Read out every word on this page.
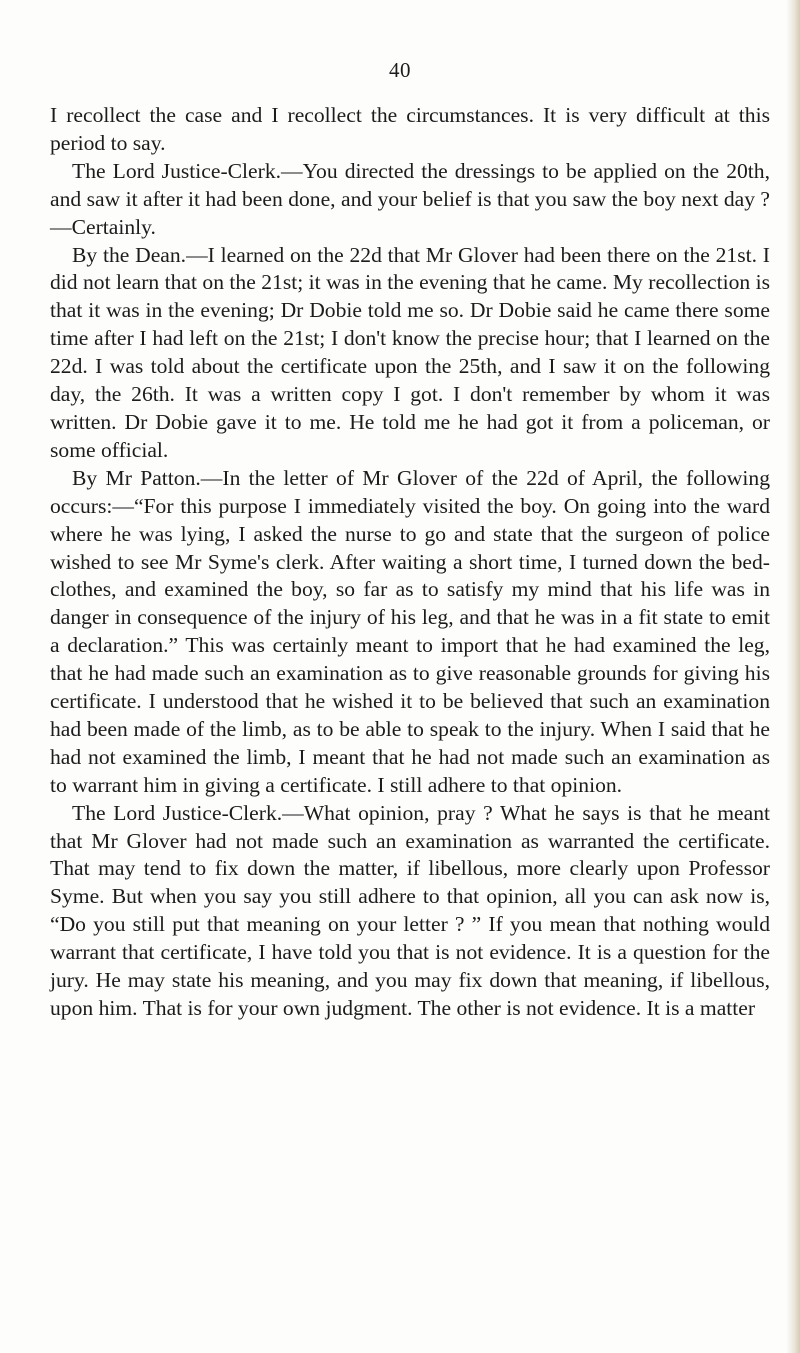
40

I recollect the case and I recollect the circumstances. It is very difficult at this period to say.

The Lord Justice-Clerk.—You directed the dressings to be applied on the 20th, and saw it after it had been done, and your belief is that you saw the boy next day ?—Certainly.

By the Dean.—I learned on the 22d that Mr Glover had been there on the 21st. I did not learn that on the 21st; it was in the evening that he came. My recollection is that it was in the evening; Dr Dobie told me so. Dr Dobie said he came there some time after I had left on the 21st; I don't know the precise hour; that I learned on the 22d. I was told about the certificate upon the 25th, and I saw it on the following day, the 26th. It was a written copy I got. I don't remember by whom it was written. Dr Dobie gave it to me. He told me he had got it from a policeman, or some official.

By Mr Patton.—In the letter of Mr Glover of the 22d of April, the following occurs:—“For this purpose I immediately visited the boy. On going into the ward where he was lying, I asked the nurse to go and state that the surgeon of police wished to see Mr Syme's clerk. After waiting a short time, I turned down the bed-clothes, and examined the boy, so far as to satisfy my mind that his life was in danger in consequence of the injury of his leg, and that he was in a fit state to emit a declaration.” This was certainly meant to import that he had examined the leg, that he had made such an examination as to give reasonable grounds for giving his certificate. I understood that he wished it to be believed that such an examination had been made of the limb, as to be able to speak to the injury. When I said that he had not examined the limb, I meant that he had not made such an examination as to warrant him in giving a certificate. I still adhere to that opinion.

The Lord Justice-Clerk.—What opinion, pray ? What he says is that he meant that Mr Glover had not made such an examination as warranted the certificate. That may tend to fix down the matter, if libellous, more clearly upon Professor Syme. But when you say you still adhere to that opinion, all you can ask now is, “Do you still put that meaning on your letter ? ” If you mean that nothing would warrant that certificate, I have told you that is not evidence. It is a question for the jury. He may state his meaning, and you may fix down that meaning, if libellous, upon him. That is for your own judgment. The other is not evidence. It is a matter
